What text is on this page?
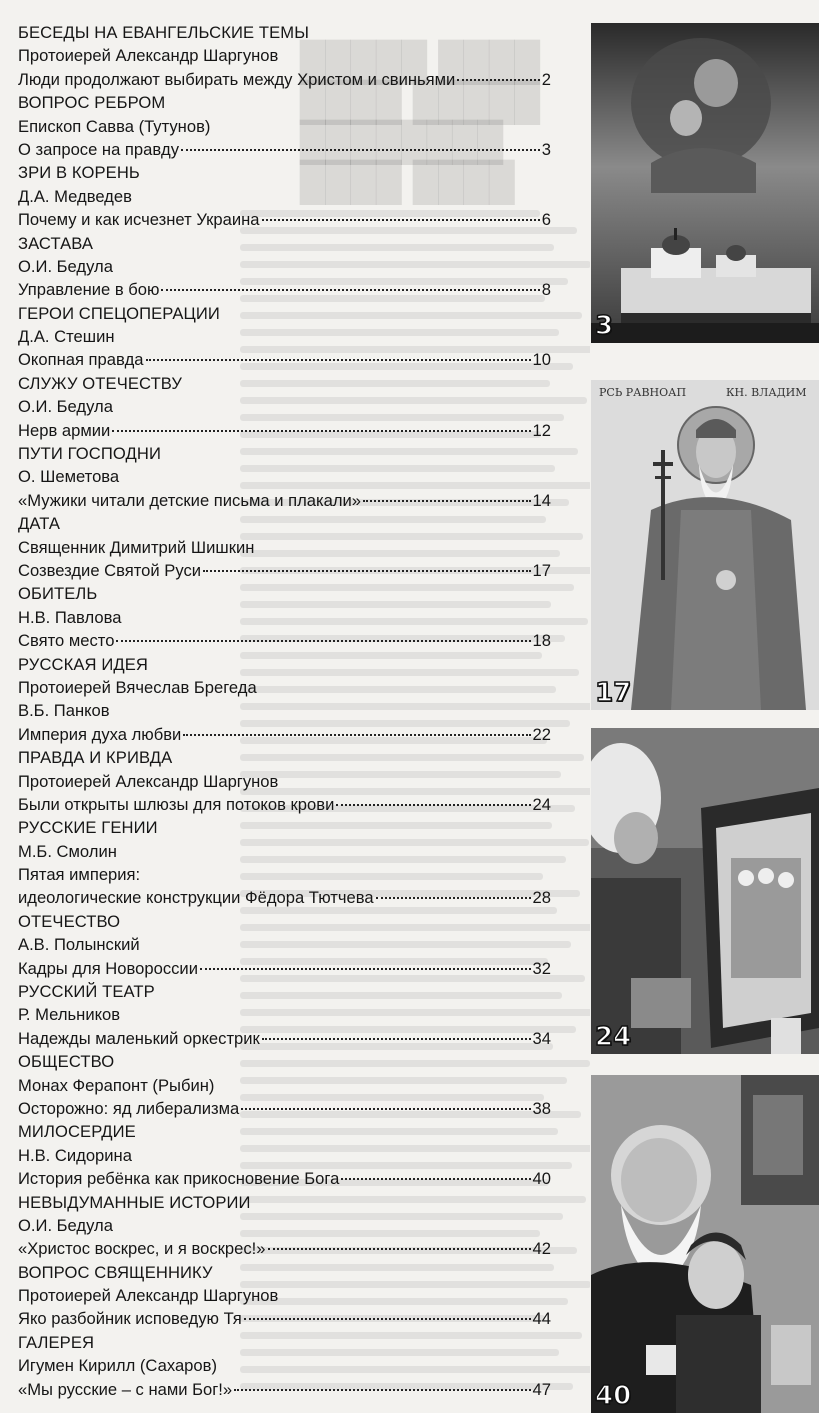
▇▇▇▇▇ ▇▇▇▇
▇▇▇▇ ▇▇▇▇▇
▇▇▇▇▇▇▇▇
▇▇▇▇ ▇▇▇▇
БЕСЕДЫ НА ЕВАНГЕЛЬСКИЕ ТЕМЫ
Протоиерей Александр Шаргунов
Люди продолжают выбирать между Христом и свиньями	2
ВОПРОС РЕБРОМ
Епископ Савва (Тутунов)
О запросе на правду	3
ЗРИ В КОРЕНЬ
Д.А. Медведев
Почему и как исчезнет Украина	6
ЗАСТАВА
О.И. Бедула
Управление в бою	8
ГЕРОИ СПЕЦОПЕРАЦИИ
Д.А. Стешин
Окопная правда	10
СЛУЖУ ОТЕЧЕСТВУ
О.И. Бедула
Нерв армии	12
ПУТИ ГОСПОДНИ
О. Шеметова
«Мужики читали детские письма и плакали»	14
ДАТА
Священник Димитрий Шишкин
Созвездие Святой Руси	17
ОБИТЕЛЬ
Н.В. Павлова
Свято место	18
РУССКАЯ ИДЕЯ
Протоиерей Вячеслав Брегеда
В.Б. Панков
Империя духа любви	22
ПРАВДА И КРИВДА
Протоиерей Александр Шаргунов
Были открыты шлюзы для потоков крови	24
РУССКИЕ ГЕНИИ
М.Б. Смолин
Пятая империя:
идеологические конструкции Фёдора Тютчева	28
ОТЕЧЕСТВО
А.В. Полынский
Кадры для Новороссии	32
РУССКИЙ ТЕАТР
Р. Мельников
Надежды маленький оркестрик	34
ОБЩЕСТВО
Монах Ферапонт (Рыбин)
Осторожно: яд либерализма	38
МИЛОСЕРДИЕ
Н.В. Сидорина
История ребёнка как прикосновение Бога	40
НЕВЫДУМАННЫЕ ИСТОРИИ
О.И. Бедула
«Христос воскрес, и я воскрес!»	42
ВОПРОС СВЯЩЕННИКУ
Протоиерей Александр Шаргунов
Яко разбойник исповедую Тя	44
ГАЛЕРЕЯ
Игумен Кирилл (Сахаров)
«Мы русские – с нами Бог!»	47
3
РСЬ РАВНОАП	КН. ВЛАДИМ
17
24
40
